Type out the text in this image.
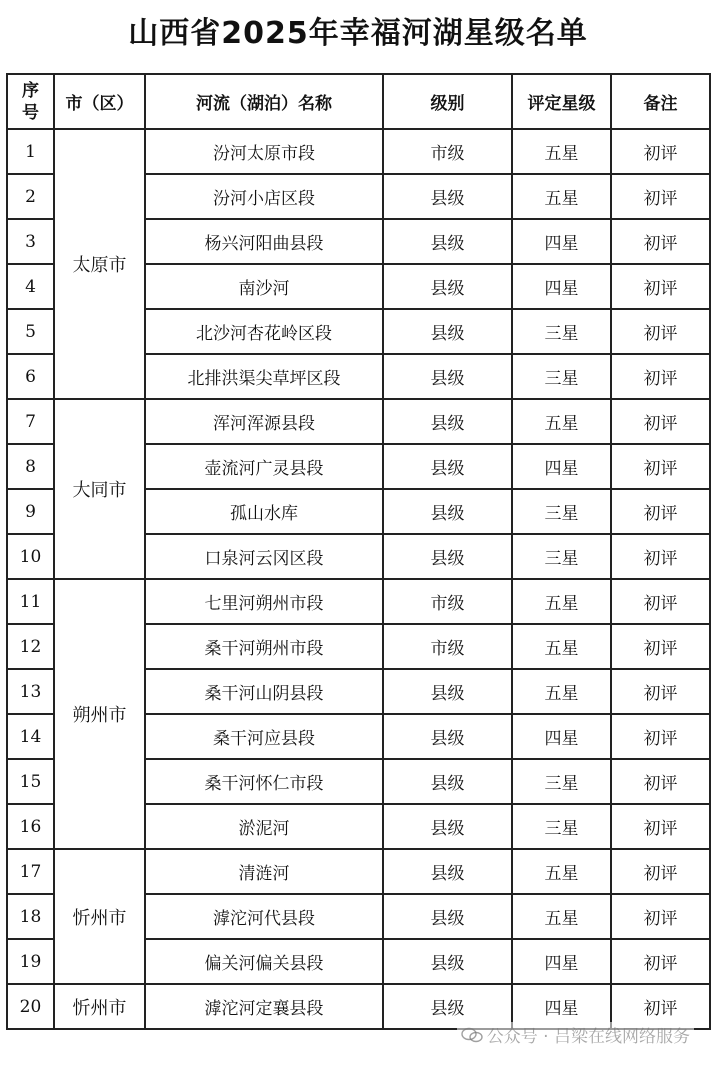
山西省2025年幸福河湖星级名单
序
号	市（区）	河流（湖泊）名称	级别	评定星级	备注
1	太原市	汾河太原市段	市级	五星	初评
2		汾河小店区段	县级	五星	初评
3		杨兴河阳曲县段	县级	四星	初评
4		南沙河	县级	四星	初评
5		北沙河杏花岭区段	县级	三星	初评
6		北排洪渠尖草坪区段	县级	三星	初评
7	大同市	浑河浑源县段	县级	五星	初评
8		壶流河广灵县段	县级	四星	初评
9		孤山水库	县级	三星	初评
10		口泉河云冈区段	县级	三星	初评
11	朔州市	七里河朔州市段	市级	五星	初评
12		桑干河朔州市段	市级	五星	初评
13		桑干河山阴县段	县级	五星	初评
14		桑干河应县段	县级	四星	初评
15		桑干河怀仁市段	县级	三星	初评
16		淤泥河	县级	三星	初评
17	忻州市	清涟河	县级	五星	初评
18		滹沱河代县段	县级	五星	初评
19		偏关河偏关县段	县级	四星	初评
20	忻州市	滹沱河定襄县段	县级	四星	初评
公众号 · 吕梁在线网络服务
